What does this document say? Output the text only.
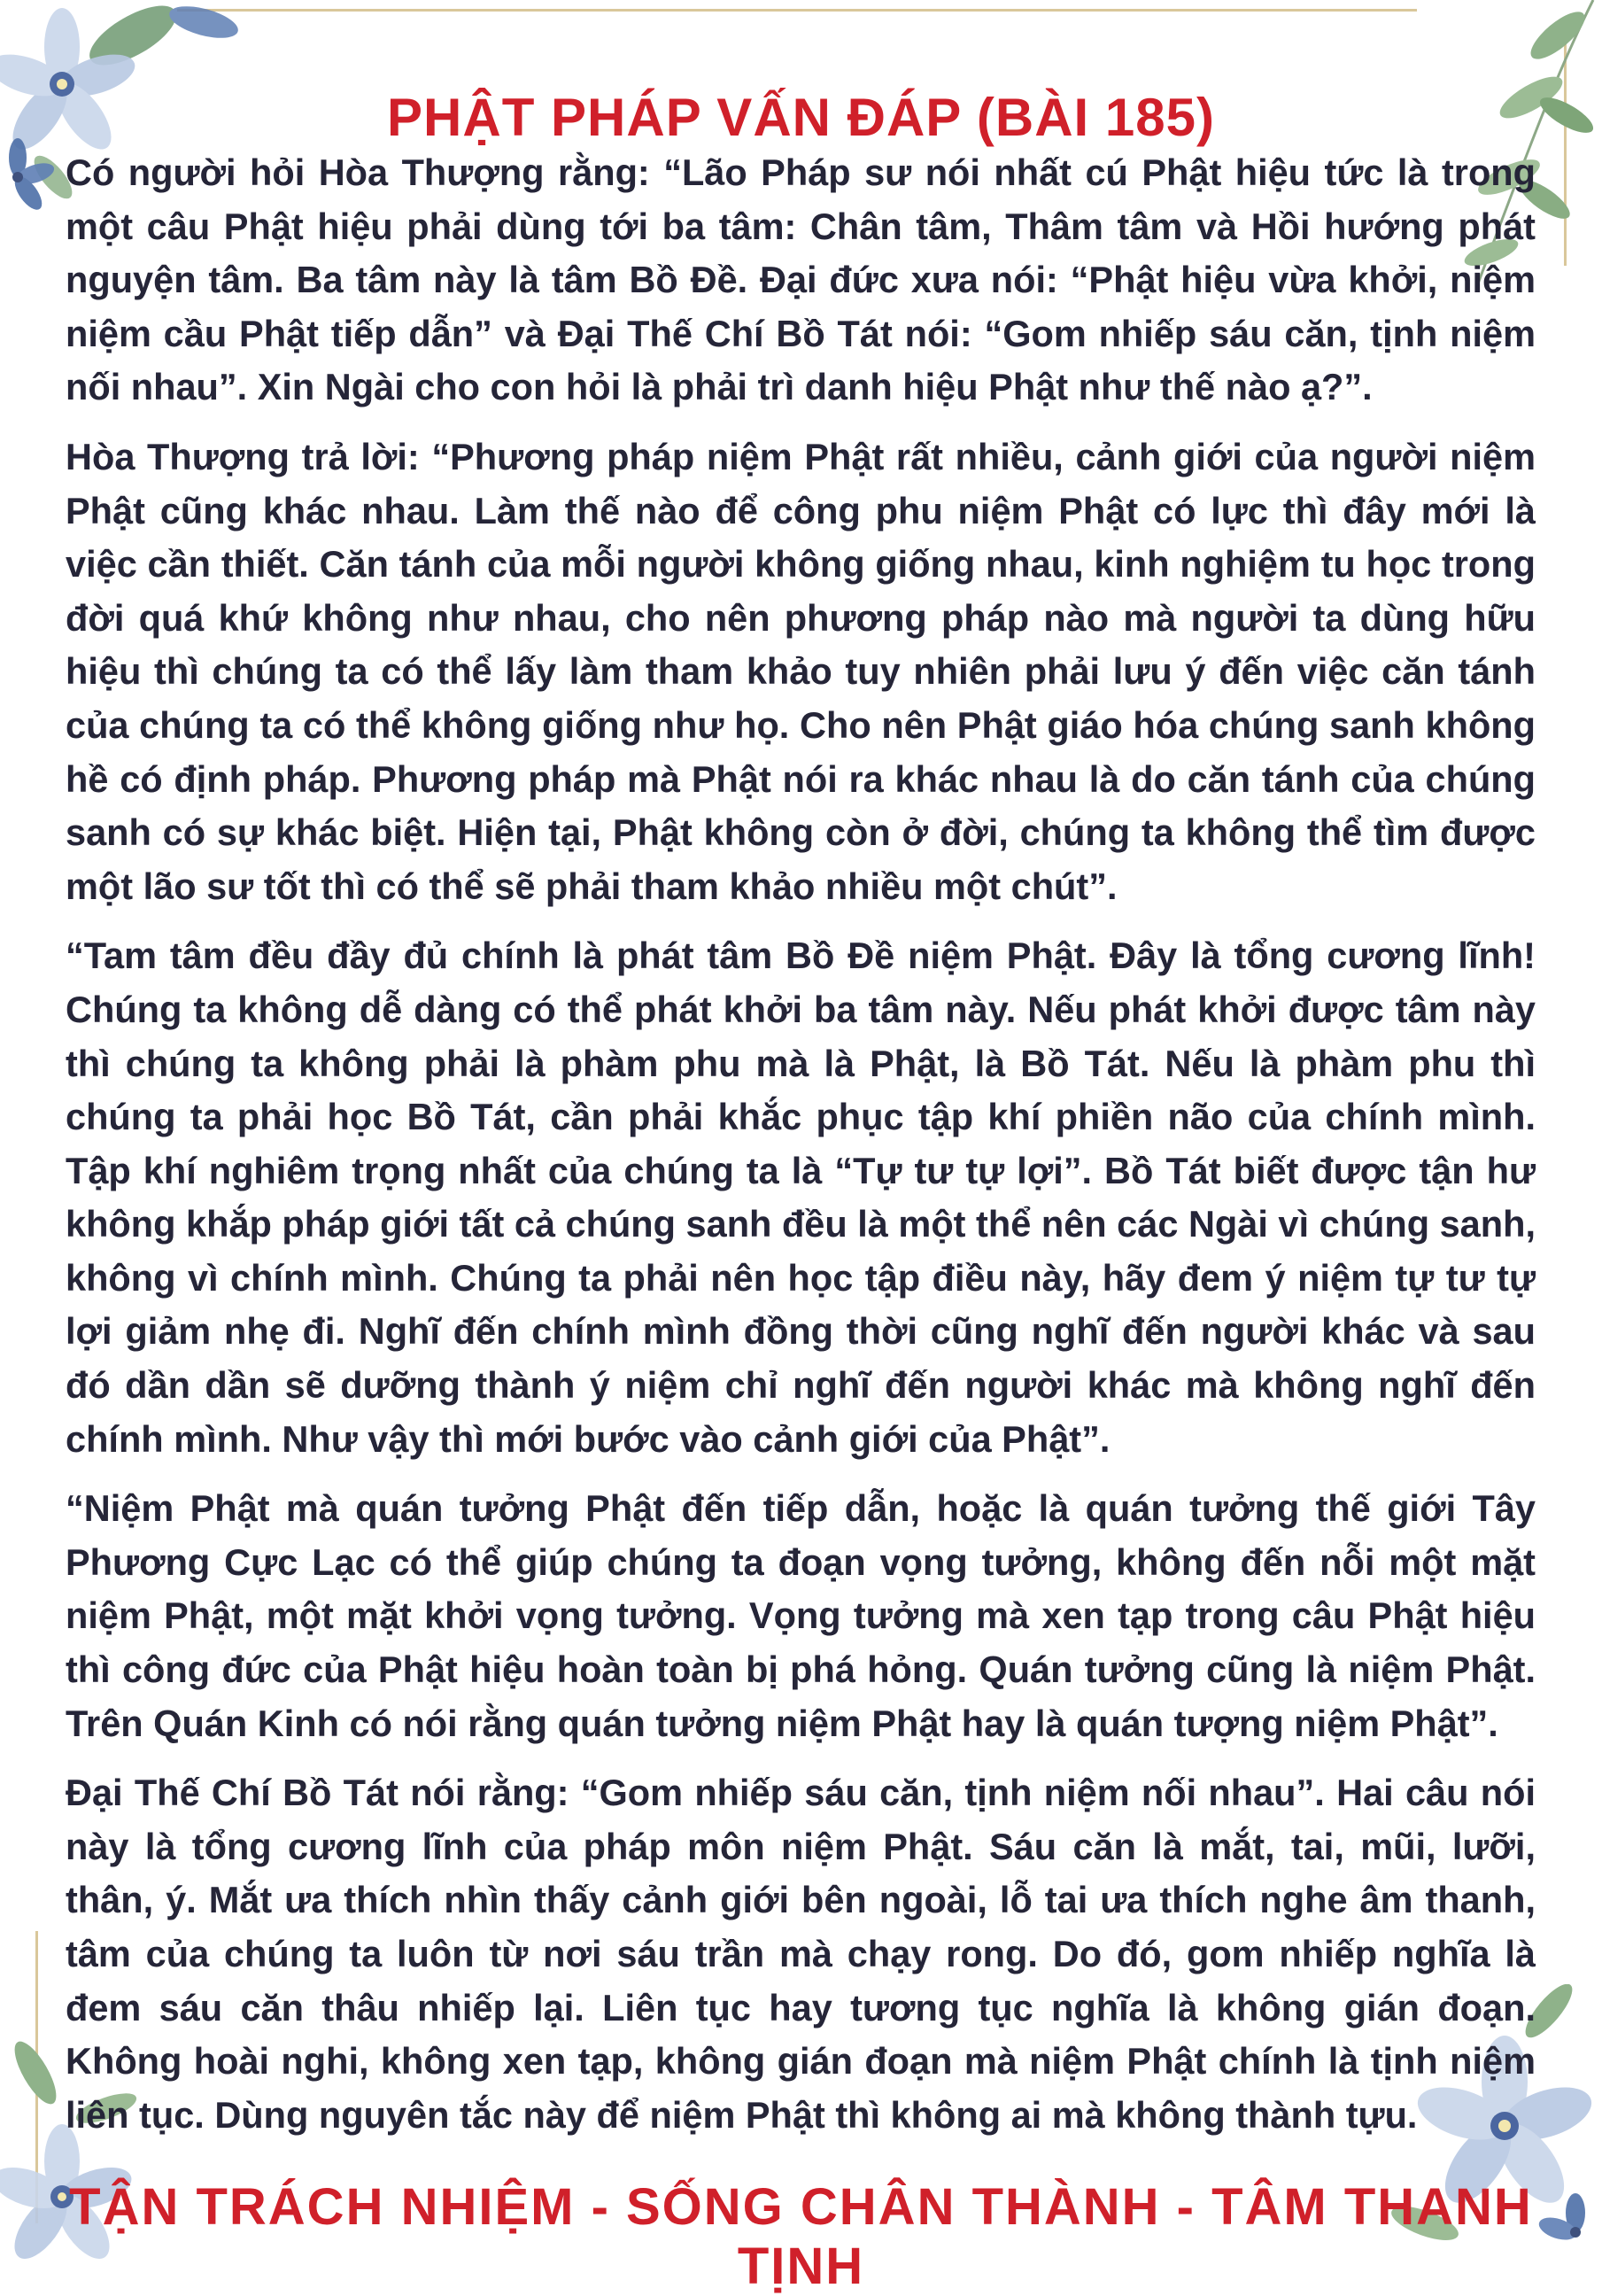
PHẬT PHÁP VẤN ĐÁP (BÀI 185)

Có người hỏi Hòa Thượng rằng: “Lão Pháp sư nói nhất cú Phật hiệu tức là trong một câu Phật hiệu phải dùng tới ba tâm: Chân tâm, Thâm tâm và Hồi hướng phát nguyện tâm. Ba tâm này là tâm Bồ Đề. Đại đức xưa nói: “Phật hiệu vừa khởi, niệm niệm cầu Phật tiếp dẫn” và Đại Thế Chí Bồ Tát nói: “Gom nhiếp sáu căn, tịnh niệm nối nhau”. Xin Ngài cho con hỏi là phải trì danh hiệu Phật như thế nào ạ?”.

Hòa Thượng trả lời: “Phương pháp niệm Phật rất nhiều, cảnh giới của người niệm Phật cũng khác nhau. Làm thế nào để công phu niệm Phật có lực thì đây mới là việc cần thiết. Căn tánh của mỗi người không giống nhau, kinh nghiệm tu học trong đời quá khứ không như nhau, cho nên phương pháp nào mà người ta dùng hữu hiệu thì chúng ta có thể lấy làm tham khảo tuy nhiên phải lưu ý đến việc căn tánh của chúng ta có thể không giống như họ. Cho nên Phật giáo hóa chúng sanh không hề có định pháp. Phương pháp mà Phật nói ra khác nhau là do căn tánh của chúng sanh có sự khác biệt. Hiện tại, Phật không còn ở đời, chúng ta không thể tìm được một lão sư tốt thì có thể sẽ phải tham khảo nhiều một chút”.

“Tam tâm đều đầy đủ chính là phát tâm Bồ Đề niệm Phật. Đây là tổng cương lĩnh! Chúng ta không dễ dàng có thể phát khởi ba tâm này. Nếu phát khởi được tâm này thì chúng ta không phải là phàm phu mà là Phật, là Bồ Tát. Nếu là phàm phu thì chúng ta phải học Bồ Tát, cần phải khắc phục tập khí phiền não của chính mình. Tập khí nghiêm trọng nhất của chúng ta là “Tự tư tự lợi”. Bồ Tát biết được tận hư không khắp pháp giới tất cả chúng sanh đều là một thể nên các Ngài vì chúng sanh, không vì chính mình. Chúng ta phải nên học tập điều này, hãy đem ý niệm tự tư tự lợi giảm nhẹ đi. Nghĩ đến chính mình đồng thời cũng nghĩ đến người khác và sau đó dần dần sẽ dưỡng thành ý niệm chỉ nghĩ đến người khác mà không nghĩ đến chính mình. Như vậy thì mới bước vào cảnh giới của Phật”.

“Niệm Phật mà quán tưởng Phật đến tiếp dẫn, hoặc là quán tưởng thế giới Tây Phương Cực Lạc có thể giúp chúng ta đoạn vọng tưởng, không đến nỗi một mặt niệm Phật, một mặt khởi vọng tưởng. Vọng tưởng mà xen tạp trong câu Phật hiệu thì công đức của Phật hiệu hoàn toàn bị phá hỏng. Quán tưởng cũng là niệm Phật. Trên Quán Kinh có nói rằng quán tưởng niệm Phật hay là quán tượng niệm Phật”.

Đại Thế Chí Bồ Tát nói rằng: “Gom nhiếp sáu căn, tịnh niệm nối nhau”. Hai câu nói này là tổng cương lĩnh của pháp môn niệm Phật. Sáu căn là mắt, tai, mũi, lưỡi, thân, ý. Mắt ưa thích nhìn thấy cảnh giới bên ngoài, lỗ tai ưa thích nghe âm thanh, tâm của chúng ta luôn từ nơi sáu trần mà chạy rong. Do đó, gom nhiếp nghĩa là đem sáu căn thâu nhiếp lại. Liên tục hay tương tục nghĩa là không gián đoạn. Không hoài nghi, không xen tạp, không gián đoạn mà niệm Phật chính là tịnh niệm liên tục. Dùng nguyên tắc này để niệm Phật thì không ai mà không thành tựu.

TẬN TRÁCH NHIỆM - SỐNG CHÂN THÀNH - TÂM THANH TỊNH
